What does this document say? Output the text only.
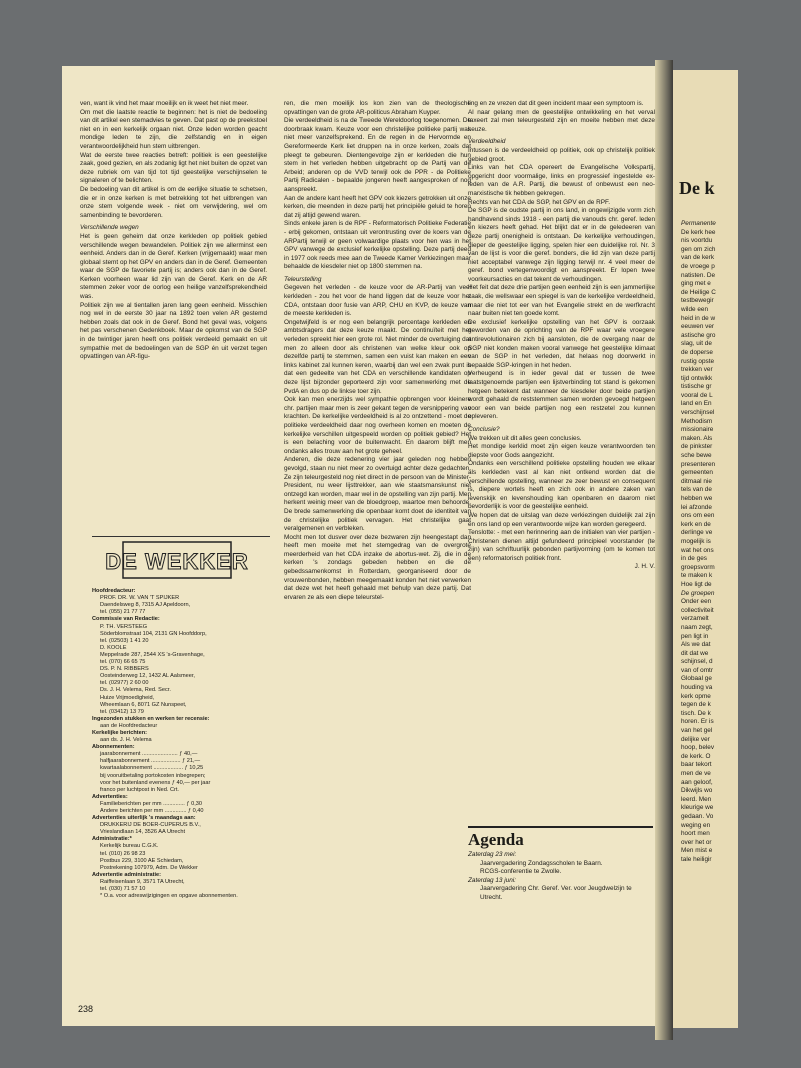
De k
Permanente
De kerk hee
nis voortdu
gen om zich
van de kerk
de vroege p
natisten. De
ging met e
de Heilige C
testbewegir
wilde een
heid in de w
eeuwen ver
astische gro
slag, uit de
de doperse
rustig opste
trekken ver
tijd ontwikk
tistische gr
vooral de L
land en En
verschijnsel
Methodism
missionaire
maken. Als
de pinkster
sche bewe
presenteren
gemeenten
ditmaal nie
tels van de
hebben we
lei afzonde
ons om een
kerk en de
derlinge ve
mogelijk is
wat het ons
in de ges
groepsvorm
te maken k
Hoe ligt de
De groepen
Onder een
collectiviteit
verzamelt
naam zegt,
pen ligt in
Als we dat
dit dat we
schijnsel, d
van of omtr
Globaal ge
houding va
kerk opme
tegen de k
tisch. De k
horen. Er is
van het gel
delijke ver
hoop, belev
de kerk. O
baar tekort
men de ve
aan geloof,
Dikwijls wo
leerd. Men
kleurige we
gedaan. Vo
weging en
hoort men
over het or
Men mist e
tale heiligir

ven, want ik vind het maar moeilijk en ik weet het niet meer.

Om met die laatste reactie te beginnen: het is niet de bedoeling van dit artikel een stemadvies te geven. Dat past op de preekstoel niet en in een kerkelijk orgaan niet. Onze leden worden geacht mondige leden te zijn, die zelfstandig en in eigen verantwoordelijkheid hun stem uitbrengen.

Wat de eerste twee reacties betreft: politiek is een geestelijke zaak, goed gezien, en als zodanig ligt het niet buiten de opzet van deze rubriek om van tijd tot tijd geestelijke verschijnselen te signaleren of te belichten.

De bedoeling van dit artikel is om de eerlijke situatie te schetsen, die er in onze kerken is met betrekking tot het uitbrengen van onze stem volgende week - niet om verwijdering, wel om samenbinding te bevorderen.

Verschillende wegen

Het is geen geheim dat onze kerkleden op politiek gebied verschillende wegen bewandelen. Politiek zijn we allerminst een eenheid. Anders dan in de Geref. Kerken (vrijgemaakt) waar men globaal stemt op het GPV en anders dan in de Geref. Gemeenten waar de SGP de favoriete partij is; anders ook dan in de Geref. Kerken voorheen waar lid zijn van de Geref. Kerk en de AR stemmen zeker voor de oorlog een heilige vanzelfsprekendheid was.

Politiek zijn we al tientallen jaren lang geen eenheid. Misschien nog wel in de eerste 30 jaar na 1892 toen velen AR gestemd hebben zoals dat ook in de Geref. Bond het geval was, volgens het pas verschenen Gedenkboek. Maar de opkomst van de SGP in de twintiger jaren heeft ons politiek verdeeld gemaakt en uit sympathie met de bedoelingen van de SGP én uit verzet tegen opvattingen van AR-figu-

ren, die men moeilijk los kon zien van de theologische opvattingen van de grote AR-politicus Abraham Kuyper.

Die verdeeldheid is na de Tweede Wereldoorlog toegenomen. De doorbraak kwam. Keuze voor een christelijke politieke partij was niet meer vanzelfsprekend. En de regen in de Hervormde en Gereformeerde Kerk liet druppen na in onze kerken, zoals dat pleegt te gebeuren. Dientengevolge zijn er kerkleden die hun stem in het verleden hebben uitgebracht op de Partij van de Arbeid; anderen op de VVD terwijl ook de PPR - de Politieke Partij Radicalen - bepaalde jongeren heeft aangesproken of nog aanspreekt.

Aan de andere kant heeft het GPV ook kiezers getrokken uit onze kerken, die meenden in deze partij het principiële geluid te horen dat zij altijd gewend waren.

Sinds enkele jaren is de RPF - Reformatorisch Politieke Federatie - erbij gekomen, ontstaan uit verontrusting over de koers van de ARPartij terwijl er geen volwaardige plaats voor hen was in het GPV vanwege de exclusief kerkelijke opstelling. Deze partij deed in 1977 ook reeds mee aan de Tweede Kamer Verkiezingen maar behaalde de kiesdeler niet op 1800 stemmen na.

Teleurstelling

Gegeven het verleden - de keuze voor de AR-Partij van veel kerkleden - zou het voor de hand liggen dat de keuze voor het CDA, ontstaan door fusie van ARP, CHU en KVP, de keuze van de meeste kerkleden is.

Ongetwijfeld is er nog een belangrijk percentage kerkleden en ambtsdragers dat deze keuze maakt. De continuïteit met het verleden spreekt hier een grote rol. Niet minder de overtuiging dat men zo alleen door als christenen van welke kleur ook op dezelfde partij te stemmen, samen een vuist kan maken en een links kabinet zal kunnen keren, waarbij dan wel een zwak punt is dat een gedeelte van het CDA en verschillende kandidaten op deze lijst bijzonder geporteerd zijn voor samenwerking met de PvdA en dus op de linkse toer zijn.

Ook kan men enerzijds wel sympathie opbrengen voor kleinere chr. partijen maar men is zeer gekant tegen de versnippering van krachten. De kerkelijke verdeeldheid is al zo ontzettend - moet de politieke verdeeldheid daar nog overheen komen en moeten de kerkelijke verschillen uitgespeeld worden op politiek gebied? Het is een belaching voor de buitenwacht. En daarom blijft men ondanks alles trouw aan het grote geheel.

Anderen, die deze redenering vier jaar geleden nog hebben gevolgd, staan nu niet meer zo overtuigd achter deze gedachten. Ze zijn teleurgesteld nog niet direct in de persoon van de Minister-President, nu weer lijsttrekker, aan wie staatsmanskunst niet ontzegd kan worden, maar wel in de opstelling van zijn partij. Men herkent weinig meer van de bloedgroep, waartoe men behoorde. De brede samenwerking die openbaar komt doet de identiteit van de christelijke politiek vervagen. Het christelijke gaat veralgemenen en verbleken.

Mocht men tot dusver over deze bezwaren zijn heengestapt dan heeft men moeite met het stemgedrag van de overgrote meerderheid van het CDA inzake de abortus-wet. Zij, die in de kerken 's zondags gebeden hebben en die de gebedssamenkomst in Rotterdam, georganiseerd door de vrouwenbonden, hebben meegemaakt konden het niet verwerken dat deze wet het heeft gehaald met behulp van deze partij. Dat ervaren ze als een diepe teleurstel-

ling en ze vrezen dat dit geen incident maar een symptoom is.

Al naar gelang men de geestelijke ontwikkeling en het verval taxeert zal men teleurgesteld zijn en moeite hebben met deze keuze.

Verdeeldheid

Intussen is de verdeeldheid op politiek, ook op christelijk politiek gebied groot.

Links van het CDA opereert de Evangelische Volkspartij, opgericht door voormalige, links en progressief ingestelde ex-leden van de A.R. Partij, die bewust of onbewust een neo-marxistische tik hebben gekregen.

Rechts van het CDA de SGP, het GPV en de RPF.

De SGP is de oudste partij in ons land, in ongewijzigde vorm zich handhavend sinds 1918 - een partij die vanouds chr. geref. leden en kiezers heeft gehad. Het blijkt dat er in de geledeeren van deze partij onenigheid is ontstaan. De kerkelijke verhoudingen, dieper de geestelijke ligging, spelen hier een duidelijke rol. Nr. 3 van de lijst is voor die geref. bonders, die lid zijn van deze partij niet acceptabel vanwege zijn ligging terwijl nr. 4 veel meer de geref. bond vertegenwoordigt en aanspreekt. Er lopen twee voorkeursacties en dat tekent de verhoudingen.

Het feit dat deze drie partijen geen eenheid zijn is een jammerlijke zaak, die wellswaar een spiegel is van de kerkelijke verdeeldheid, maar die niet tot eer van het Evangelie strekt en de werfkracht naar buiten niet ten goede komt.

De exclusief kerkelijke opstelling van het GPV is oorzaak geworden van de oprichting van de RPF waar vele vroegere antirevolutionairen zich bij aansloten, die de overgang naar de SGP niet konden maken vooral vanwege het geestelijke klimaat van de SGP in het verleden, dat helaas nog doorwerkt in bepaalde SGP-kringen in het heden.

Verheugend is in ieder geval dat er tussen de twee laatstgenoemde partijen een lijstverbinding tot stand is gekomen hetgeen betekent dat wanneer de kiesdeler door beide partijen wordt gehaald de reststemmen samen worden gevoegd hetgeen voor een van beide partijen nog een restzetel zou kunnen opleveren.

Conclusie?

We trekken uit dit alles geen conclusies.

Het mondige kerklid moet zijn eigen keuze verantwoorden ten diepste voor Gods aangezicht.

Ondanks een verschillend politieke opstelling houden we elkaar als kerkleden vast al kan niet ontkend worden dat die verschillende opstelling, wanneer ze zeer bewust en consequent is, diepere wortels heeft en zich ook in andere zaken van levenskijk en levenshouding kan openbaren en daarom niet bevorderlijk is voor de geestelijke eenheid.

We hopen dat de uitslag van deze verkiezingen duidelijk zal zijn en ons land op een verantwoorde wijze kan worden geregeerd.

Tenslotte: - met een herinnering aan de initialen van vier partijen - Christenen dienen altijd gefundeerd principieel voorstander (te zijn) van schriftuurlijk gebonden partijvorming (om te komen tot een) reformatorisch politiek front.

J. H. V.

DE WEKKER
Hoofdredacteur:
PROF. DR. W. VAN 'T SPIJKER
Daendelsweg 8, 7315 AJ Apeldoorn,
tel. (055) 21 77 77
Commissie van Redactie:
P. TH. VERSTEEG
Söderblomstraat 104, 2131 GN Hoofddorp,
tel. (02503) 1 41 20
D. KOOLE
Meppelrade 287, 2544 XS 's-Gravenhage,
tel. (070) 66 65 75
DS. P. N. RIBBERS
Oosteinderweg 12, 1432 AL Aalsmeer,
tel. (02977) 2 60 00
Ds. J. H. Velema, Red. Secr.
Huize Vrijmoedigheid,
Wheemlaan 6, 8071 GZ Nunspeet,
tel. (03412) 13 79
Ingezonden stukken en werken ter recensie:
aan de Hoofdredacteur
Kerkelijke berichten:
aan ds. J. H. Velema
Abonnementen:
jaarabonnement ....................... ƒ 40,—
halfjaarabonnement ................... ƒ 21,—
kwartaalabonnement ................... ƒ 10,25
bij vooruitbetaling portokosten inbegrepen;
voor het buitenland evenens ƒ 40,— per jaar
franco per luchtpost in Ned. Crt.
Advertenties:
Familieberichten per mm .............. ƒ 0,30
Andere berichten per mm .............. ƒ 0,40
Advertenties uiterlijk 's maandags aan:
DRUKKERIJ DE BOER-CUPERUS B.V.,
Vrieslandlaan 14, 3526 AA Utrecht
Administratie:*
Kerkelijk bureau C.G.K.
tel. (010) 26 98 23
Postbus 229, 3100 AE Schiedam,
Postrekening 107979, Adm. De Wekker
Advertentie administratie:
Raiffeisenlaan 9, 3571 TA Utrecht,
tel. (030) 71 57 10
* O.a. voor adreswijzigingen en opgave abonnementen.
Agenda

Zaterdag 23 mei:

Jaarvergadering Zondagsscholen te Baarn.

RCGS-conferentie te Zwolle.

Zaterdag 13 juni:

Jaarvergadering Chr. Geref. Ver. voor Jeugdwelzijn te Utrecht.

238
